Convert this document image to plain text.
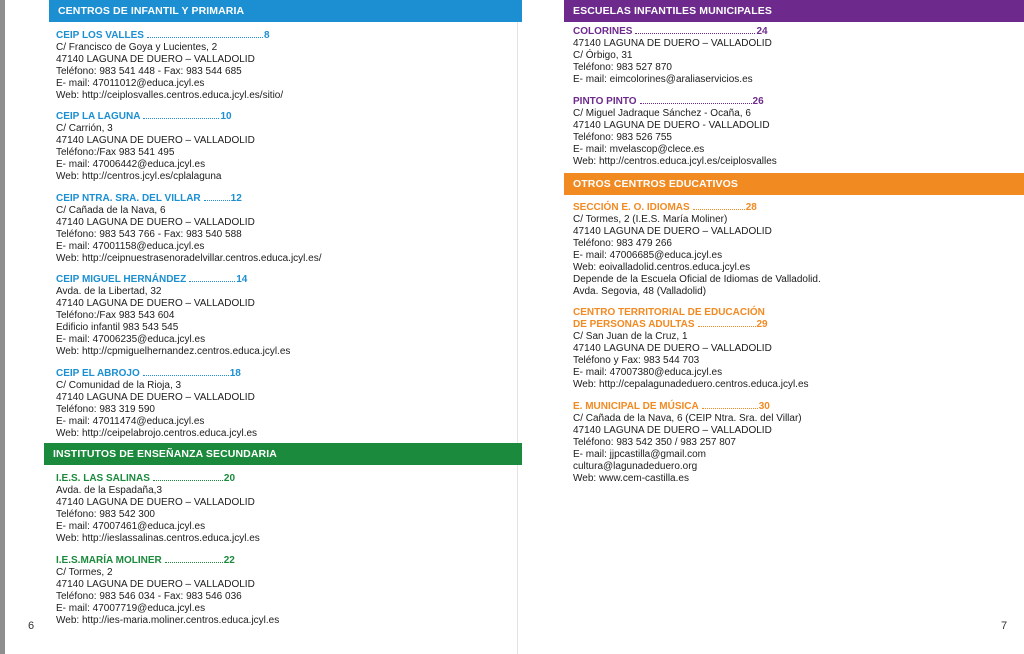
CENTROS DE INFANTIL Y PRIMARIA
CEIP LOS VALLES	8
C/ Francisco de Goya y Lucientes, 2
47140 LAGUNA DE DUERO – VALLADOLID
Teléfono: 983 541 448 - Fax: 983 544 685
E- mail: 47011012@educa.jcyl.es
Web: http://ceiplosvalles.centros.educa.jcyl.es/sitio/
CEIP LA LAGUNA	10
C/ Carrión, 3
47140 LAGUNA DE DUERO – VALLADOLID
Teléfono:/Fax 983 541 495
E- mail: 47006442@educa.jcyl.es
Web: http://centros.jcyl.es/cplalaguna
CEIP NTRA. SRA. DEL VILLAR	12
C/ Cañada de la Nava, 6
47140 LAGUNA DE DUERO – VALLADOLID
Teléfono: 983 543 766 - Fax: 983 540 588
E- mail: 47001158@educa.jcyl.es
Web: http://ceipnuestrasenoradelvillar.centros.educa.jcyl.es/
CEIP MIGUEL HERNÁNDEZ	14
Avda. de la Libertad, 32
47140 LAGUNA DE DUERO – VALLADOLID
Teléfono:/Fax 983 543 604
Edificio infantil 983 543 545
E- mail: 47006235@educa.jcyl.es
Web: http://cpmiguelhernandez.centros.educa.jcyl.es
CEIP EL ABROJO	18
C/ Comunidad de la Rioja, 3
47140 LAGUNA DE DUERO – VALLADOLID
Teléfono: 983 319 590
E- mail: 47011474@educa.jcyl.es
Web: http://ceipelabrojo.centros.educa.jcyl.es
INSTITUTOS DE ENSEÑANZA SECUNDARIA
I.E.S. LAS SALINAS	20
Avda. de la Espadaña,3
47140 LAGUNA DE DUERO – VALLADOLID
Teléfono: 983 542 300
E- mail: 47007461@educa.jcyl.es
Web: http://ieslassalinas.centros.educa.jcyl.es
I.E.S.MARÍA MOLINER	22
C/ Tormes, 2
47140 LAGUNA DE DUERO – VALLADOLID
Teléfono: 983 546 034 - Fax: 983 546 036
E- mail: 47007719@educa.jcyl.es
Web: http://ies-maria.moliner.centros.educa.jcyl.es
6
ESCUELAS INFANTILES MUNICIPALES
COLORINES	24
47140 LAGUNA DE DUERO – VALLADOLID
C/ Órbigo, 31
Teléfono: 983 527 870
E- mail: eimcolorines@araliaservicios.es
PINTO PINTO	26
C/ Miguel Jadraque Sánchez - Ocaña, 6
47140 LAGUNA DE DUERO - VALLADOLID
Teléfono: 983 526 755
E- mail: mvelascop@clece.es
Web: http://centros.educa.jcyl.es/ceiplosvalles
OTROS CENTROS EDUCATIVOS
SECCIÓN E. O. IDIOMAS	28
C/ Tormes, 2 (I.E.S. María Moliner)
47140 LAGUNA DE DUERO – VALLADOLID
Teléfono: 983 479 266
E- mail: 47006685@educa.jcyl.es
Web: eoivalladolid.centros.educa.jcyl.es
Depende de la Escuela Oficial de Idiomas de Valladolid.
Avda. Segovia, 48 (Valladolid)
CENTRO TERRITORIAL DE EDUCACIÓN
DE PERSONAS ADULTAS	29
C/ San Juan de la Cruz, 1
47140 LAGUNA DE DUERO – VALLADOLID
Teléfono y Fax: 983 544 703
E- mail: 47007380@educa.jcyl.es
Web: http://cepalagunadeduero.centros.educa.jcyl.es
E. MUNICIPAL DE MÚSICA	30
C/ Cañada de la Nava, 6 (CEIP Ntra. Sra. del Villar)
47140 LAGUNA DE DUERO – VALLADOLID
Teléfono: 983 542 350 / 983 257 807
E- mail: jjpcastilla@gmail.com
cultura@lagunadeduero.org
Web: www.cem-castilla.es
7
